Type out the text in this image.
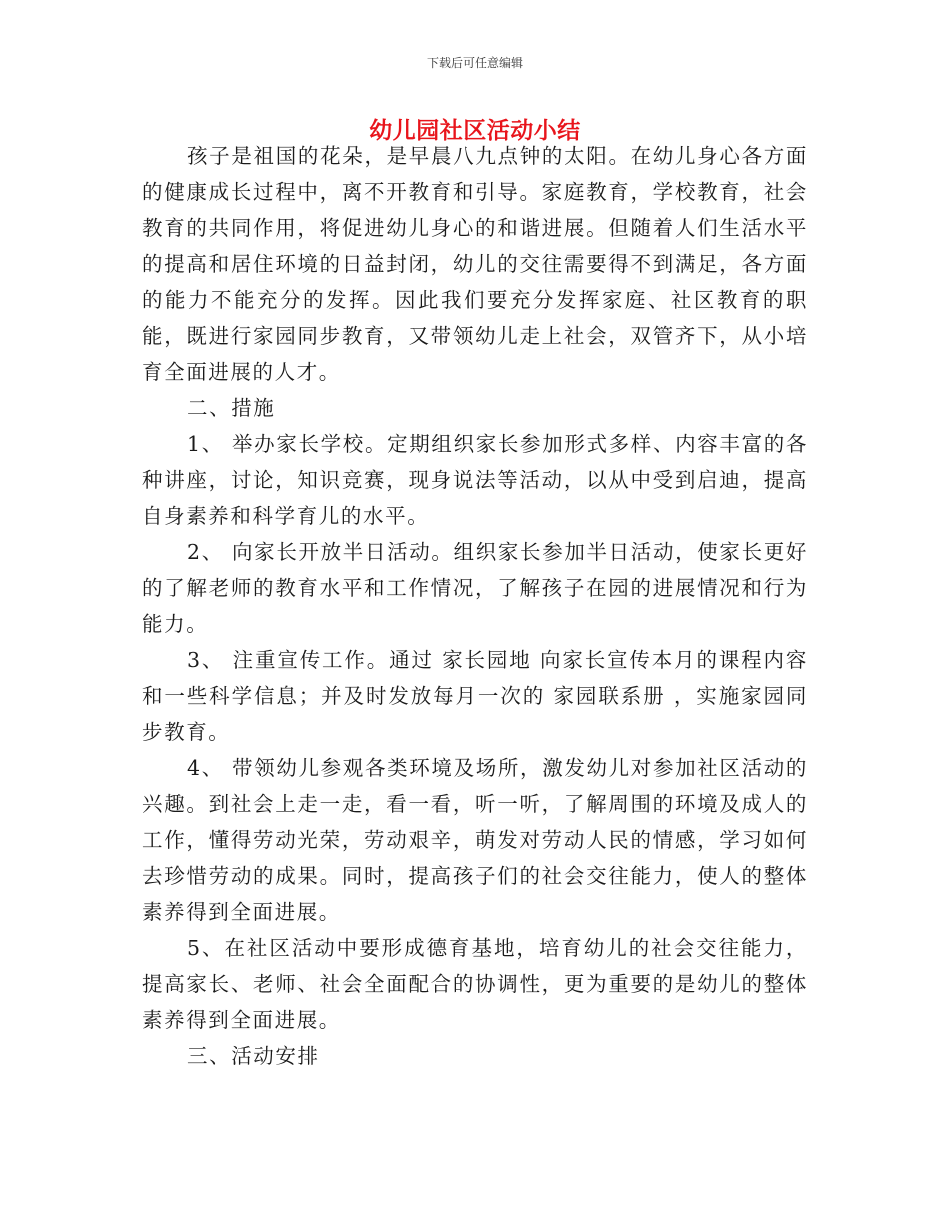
下载后可任意编辑
幼儿园社区活动小结

孩子是祖国的花朵，是早晨八九点钟的太阳。在幼儿身心各方面的健康成长过程中，离不开教育和引导。家庭教育，学校教育，社会教育的共同作用，将促进幼儿身心的和谐进展。但随着人们生活水平的提高和居住环境的日益封闭，幼儿的交往需要得不到满足，各方面的能力不能充分的发挥。因此我们要充分发挥家庭、社区教育的职能，既进行家园同步教育，又带领幼儿走上社会，双管齐下，从小培育全面进展的人才。

二、措施

1、 举办家长学校。定期组织家长参加形式多样、内容丰富的各种讲座，讨论，知识竞赛，现身说法等活动，以从中受到启迪，提高自身素养和科学育儿的水平。

2、 向家长开放半日活动。组织家长参加半日活动，使家长更好的了解老师的教育水平和工作情况，了解孩子在园的进展情况和行为能力。

3、 注重宣传工作。通过 家长园地 向家长宣传本月的课程内容和一些科学信息；并及时发放每月一次的 家园联系册 ，实施家园同步教育。

4、 带领幼儿参观各类环境及场所，激发幼儿对参加社区活动的兴趣。到社会上走一走，看一看，听一听，了解周围的环境及成人的工作，懂得劳动光荣，劳动艰辛，萌发对劳动人民的情感，学习如何去珍惜劳动的成果。同时，提高孩子们的社会交往能力，使人的整体素养得到全面进展。

5、在社区活动中要形成德育基地，培育幼儿的社会交往能力，提高家长、老师、社会全面配合的协调性，更为重要的是幼儿的整体素养得到全面进展。

三、活动安排
